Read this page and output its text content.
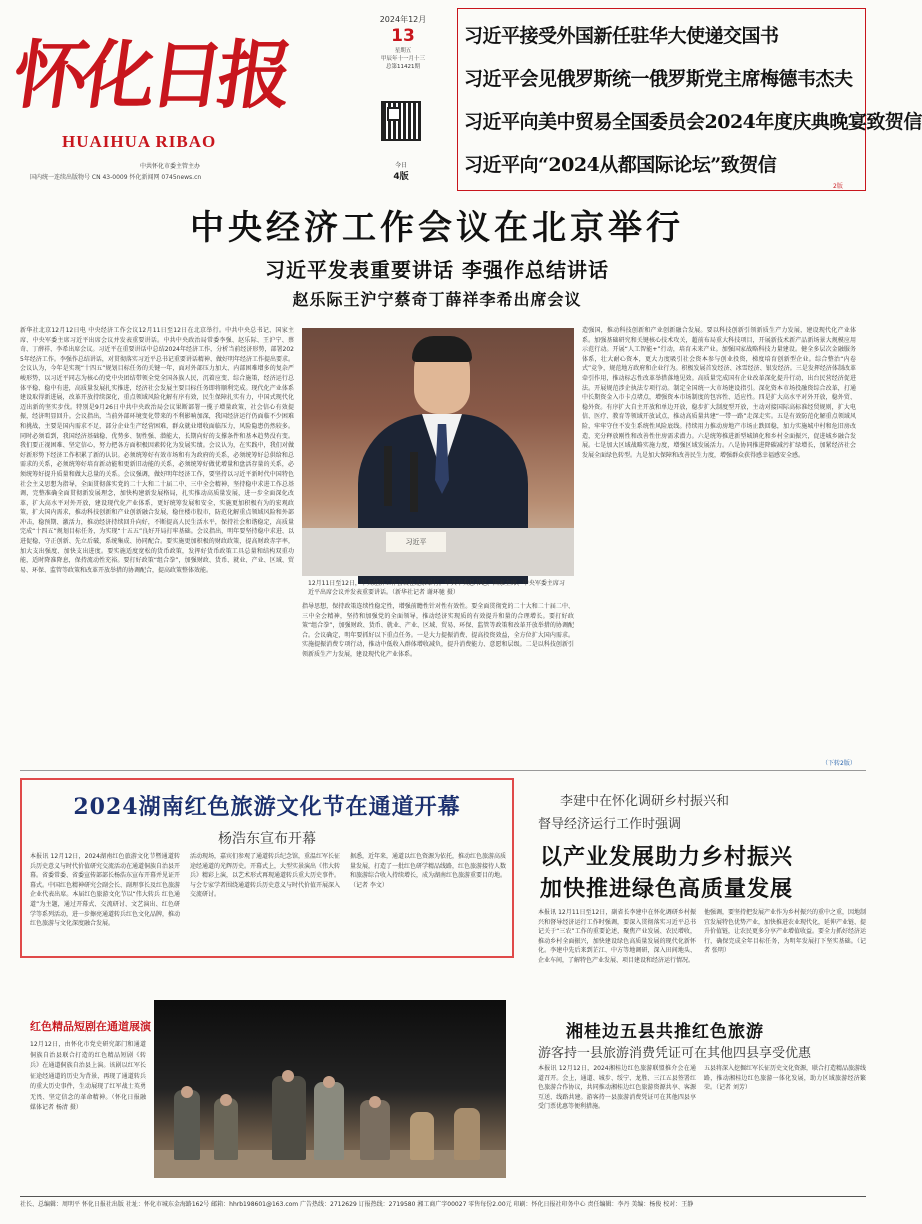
怀化日报
HUAIHUA RIBAO
中共怀化市委主管主办
国内统一连续出版物号 CN 43-0009 怀化新闻网 0745news.cn
2024年12月
13
星期五
甲辰年十一月十三
总第11421期
今日
4版
习近平接受外国新任驻华大使递交国书
习近平会见俄罗斯统一俄罗斯党主席梅德韦杰夫
习近平向美中贸易全国委员会2024年度庆典晚宴致贺信
习近平向“2024从都国际论坛”致贺信
2版
中央经济工作会议在北京举行
习近平发表重要讲话 李强作总结讲话
赵乐际王沪宁蔡奇丁薛祥李希出席会议
新华社北京12月12日电 中央经济工作会议12月11日至12日在北京举行。中共中央总书记、国家主席、中央军委主席习近平出席会议并发表重要讲话。中共中央政治局常委李强、赵乐际、王沪宁、蔡奇、丁薛祥、李希出席会议。习近平在重要讲话中总结2024年经济工作，分析当前经济形势，部署2025年经济工作。李强作总结讲话，对贯彻落实习近平总书记重要讲话精神、做好明年经济工作提出要求。会议认为，今年是实现“十四五”规划目标任务的关键一年，面对外部压力加大、内部困难增多的复杂严峻形势，以习近平同志为核心的党中央团结带领全党全国各族人民，沉着应变、综合施策，经济运行总体平稳、稳中有进，高质量发展扎实推进，经济社会发展主要目标任务即将顺利完成。现代化产业体系建设取得新进展，改革开放持续深化，重点领域风险化解有序有效，民生保障扎实有力，中国式现代化迈出新的坚实步伐。特别是9月26日中共中央政治局会议果断部署一揽子增量政策，社会信心有效提振，经济明显回升。会议指出，当前外部环境变化带来的不利影响加深，我国经济运行仍面临不少困难和挑战，主要是国内需求不足，部分企业生产经营困难，群众就业增收面临压力，风险隐患仍然较多。同时必须看到，我国经济基础稳、优势多、韧性强、潜能大，长期向好的支撑条件和基本趋势没有变。我们要正视困难、坚定信心，努力把各方面积极因素转化为发展实绩。会议认为，在实践中，我们对做好新形势下经济工作积累了新的认识。必须统筹好有效市场和有为政府的关系，必须统筹好总供给和总需求的关系，必须统筹好培育新动能和更新旧动能的关系，必须统筹好做优增量和盘活存量的关系，必须统筹好提升质量和做大总量的关系。会议强调，做好明年经济工作，要坚持以习近平新时代中国特色社会主义思想为指导，全面贯彻落实党的二十大和二十届二中、三中全会精神，坚持稳中求进工作总基调，完整准确全面贯彻新发展理念，加快构建新发展格局，扎实推动高质量发展，进一步全面深化改革，扩大高水平对外开放，建设现代化产业体系，更好统筹发展和安全，实施更加积极有为的宏观政策，扩大国内需求，推动科技创新和产业创新融合发展，稳住楼市股市，防范化解重点领域风险和外部冲击，稳预期、激活力，推动经济持续回升向好，不断提高人民生活水平，保持社会和谐稳定，高质量完成“十四五”规划目标任务，为实现“十五五”良好开局打牢基础。会议指出，明年要坚持稳中求进、以进促稳，守正创新、先立后破，系统集成、协同配合。要实施更加积极的财政政策，提高财政赤字率，加大支出强度、加快支出进度。要实施适度宽松的货币政策，发挥好货币政策工具总量和结构双重功能，适时降准降息，保持流动性充裕。要打好政策“组合拳”，加强财政、货币、就业、产业、区域、贸易、环保、监管等政策和改革开放举措的协调配合，提高政策整体效能。
习近平
12月11日至12日，中央经济工作会议在北京举行。中共中央总书记、国家主席、中央军委主席习近平出席会议并发表重要讲话。（新华社记者 谢环驰 摄）
指导思想，保持政策连续性稳定性，增强前瞻性针对性有效性。要全面贯彻党的二十大和二十届二中、三中全会精神，坚持和加强党的全面领导，推动经济实现质的有效提升和量的合理增长。要打好政策“组合拳”，加强财政、货币、就业、产业、区域、贸易、环保、监管等政策和改革开放举措的协调配合。会议确定，明年要抓好以下重点任务。一是大力提振消费、提高投资效益，全方位扩大国内需求。实施提振消费专项行动，推动中低收入群体增收减负，提升消费能力、意愿和层级。二是以科技创新引领新质生产力发展，建设现代化产业体系。
造强国，推动科技创新和产业创新融合发展。要以科技创新引领新质生产力发展，建设现代化产业体系。加强基础研究和关键核心技术攻关，超前布局重大科技项目，开展新技术新产品新场景大规模应用示范行动。开展“人工智能+”行动，培育未来产业。加强国家战略科技力量建设。健全多层次金融服务体系，壮大耐心资本，更大力度吸引社会资本参与创业投资，梯度培育创新型企业。综合整治“内卷式”竞争，规范地方政府和企业行为。积极发展首发经济、冰雪经济、银发经济。三是发挥经济体制改革牵引作用，推动标志性改革举措落地见效。高质量完成国有企业改革深化提升行动，出台民营经济促进法。开展规范涉企执法专项行动。制定全国统一大市场建设指引。深化资本市场投融资综合改革，打通中长期资金入市卡点堵点，增强资本市场制度的包容性、适应性。四是扩大高水平对外开放，稳外贸、稳外资。有序扩大自主开放和单边开放，稳步扩大制度型开放，主动对接国际高标准经贸规则，扩大电信、医疗、教育等领域开放试点，推动高质量共建“一带一路”走深走实。五是有效防范化解重点领域风险，牢牢守住不发生系统性风险底线。持续用力推动房地产市场止跌回稳，加力实施城中村和危旧房改造，充分释放刚性和改善性住房需求潜力。六是统筹推进新型城镇化和乡村全面振兴，促进城乡融合发展。七是加大区域战略实施力度，增强区域发展活力。八是协同推进降碳减污扩绿增长，加紧经济社会发展全面绿色转型。九是加大保障和改善民生力度，增强群众获得感幸福感安全感。
（下转2版）
2024湖南红色旅游文化节在通道开幕
杨浩东宣布开幕
本报讯 12月12日，2024湖南红色旅游文化节暨通道转兵历史意义与时代价值研究交流活动在通道侗族自治县开幕。省委常委、省委宣传部部长杨浩东宣布开幕并见证开幕式。中国红色精神研究会副会长、副理事长及红色旅游企业代表出席。本届红色旅游文化节以“伟大转兵 红色通道”为主题，通过开幕式、交流研讨、文艺演出、红色研学等系列活动，进一步擦亮通道转兵红色文化品牌，推动红色旅游与文化深度融合发展。
活动现场，嘉宾们参观了通道转兵纪念馆，重温红军长征途经通道的光辉历史。开幕式上，大型实景演出《伟大转兵》精彩上演，以艺术形式再现通道转兵重大历史事件。与会专家学者围绕通道转兵历史意义与时代价值开展深入交流研讨。
据悉，近年来，通道以红色资源为依托，推动红色旅游高质量发展，打造了一批红色研学精品线路，红色旅游接待人数和旅游综合收入持续增长，成为湖南红色旅游重要目的地。（记者 李文）
红色精品短剧在通道展演
12月12日，由怀化市党史研究部门和通道侗族自治县联合打造的红色精品短剧《转兵》在通道侗族自治县上演。该剧以红军长征途经通道的历史为背景，再现了通道转兵的重大历史事件，生动展现了红军战士英勇无畏、坚定信念的革命精神。（怀化日报融媒体记者 杨清 摄）
李建中在怀化调研乡村振兴和
督导经济运行工作时强调
以产业发展助力乡村振兴
加快推进绿色高质量发展
本报讯 12月11日至12日，副省长李建中在怀化调研乡村振兴和督导经济运行工作时强调，要深入贯彻落实习近平总书记关于“三农”工作的重要论述，聚焦产业发展、农民增收，推动乡村全面振兴，加快建设绿色高质量发展的现代化新怀化。李建中先后来到芷江、中方等地调研，深入田间地头、企业车间，了解特色产业发展、项目建设和经济运行情况。
他强调，要坚持把发展产业作为乡村振兴的重中之重，因地制宜发展特色优势产业，加快推进农业现代化，延伸产业链、提升价值链，让农民更多分享产业增值收益。要全力抓好经济运行，确保完成全年目标任务，为明年发展打下坚实基础。（记者 张明）
湘桂边五县共推红色旅游
游客持一县旅游消费凭证可在其他四县享受优惠
本报讯 12月12日，2024湘桂边红色旅游联盟推介会在通道召开。会上，通道、城步、绥宁、龙胜、三江五县签署红色旅游合作协议，共同推动湘桂边红色旅游资源共享、客源互送、线路共建。游客持一县旅游消费凭证可在其他四县享受门票优惠等便利措施。
五县将深入挖掘红军长征历史文化资源，联合打造精品旅游线路，推动湘桂边红色旅游一体化发展，助力区域旅游经济繁荣。（记者 刘芳）
社长、总编辑：周明平 怀化日报社出版 社址：怀化市城东金海路162号 邮箱：hhrb198601@163.com 广告热线：2712629 订报热线：2719580 湘工商广字00027 零售每份2.00元 印刷：怀化日报社印务中心 责任编辑：李丹 美编：杨俊 校对：王静
